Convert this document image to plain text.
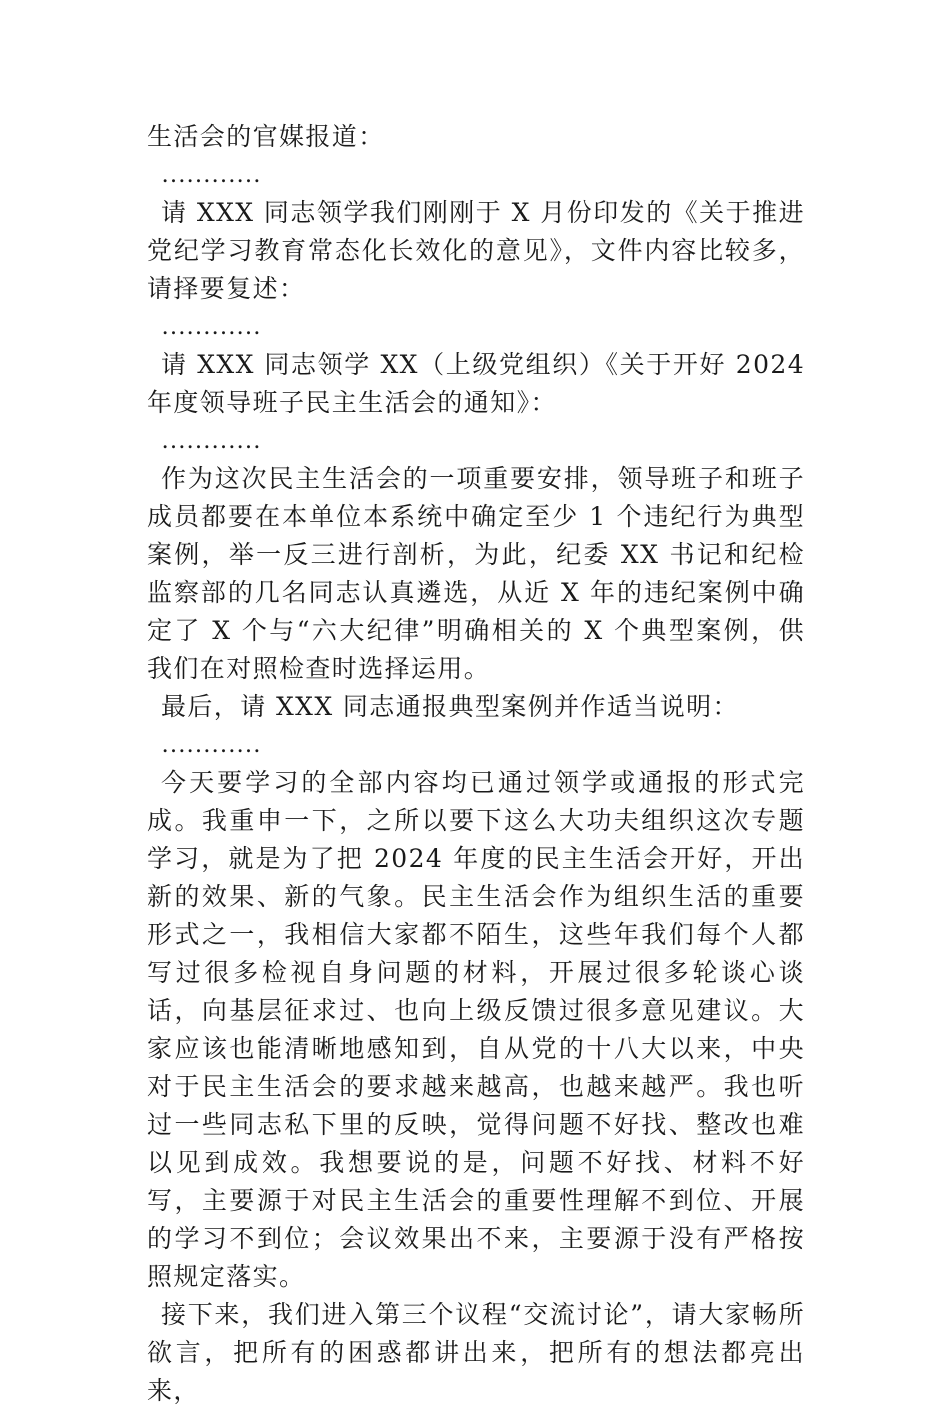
生活会的官媒报道：

…………

请 XXX 同志领学我们刚刚于 X 月份印发的《关于推进党纪学习教育常态化长效化的意见》，文件内容比较多，请择要复述：

…………

请 XXX 同志领学 XX（上级党组织）《关于开好 2024 年度领导班子民主生活会的通知》：

…………

作为这次民主生活会的一项重要安排，领导班子和班子成员都要在本单位本系统中确定至少 1 个违纪行为典型案例，举一反三进行剖析，为此，纪委 XX 书记和纪检监察部的几名同志认真遴选，从近 X 年的违纪案例中确定了 X 个与“六大纪律”明确相关的 X 个典型案例，供我们在对照检查时选择运用。

最后，请 XXX 同志通报典型案例并作适当说明：

…………

今天要学习的全部内容均已通过领学或通报的形式完成。我重申一下，之所以要下这么大功夫组织这次专题学习，就是为了把 2024 年度的民主生活会开好，开出新的效果、新的气象。民主生活会作为组织生活的重要形式之一，我相信大家都不陌生，这些年我们每个人都写过很多检视自身问题的材料，开展过很多轮谈心谈话，向基层征求过、也向上级反馈过很多意见建议。大家应该也能清晰地感知到，自从党的十八大以来，中央对于民主生活会的要求越来越高，也越来越严。我也听过一些同志私下里的反映，觉得问题不好找、整改也难以见到成效。我想要说的是，问题不好找、材料不好写，主要源于对民主生活会的重要性理解不到位、开展的学习不到位；会议效果出不来，主要源于没有严格按照规定落实。

接下来，我们进入第三个议程“交流讨论”，请大家畅所欲言，把所有的困惑都讲出来，把所有的想法都亮出来，
